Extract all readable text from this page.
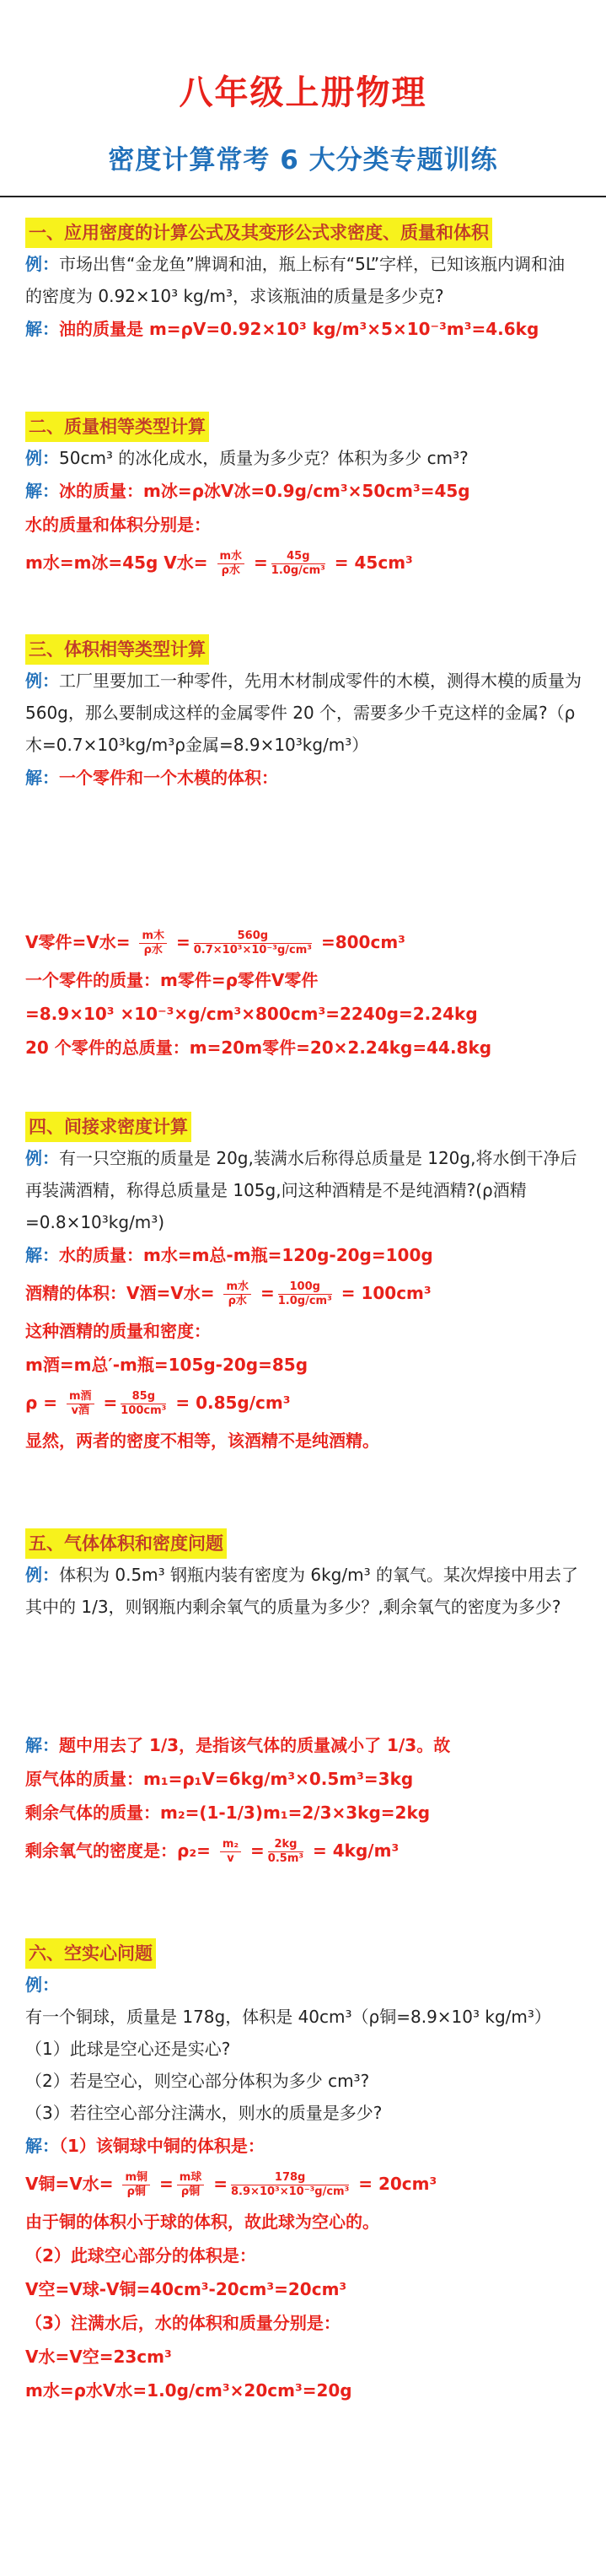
八年级上册物理
密度计算常考 6 大分类专题训练
一、应用密度的计算公式及其变形公式求密度、质量和体积

例：市场出售“金龙鱼”牌调和油，瓶上标有“5L”字样，已知该瓶内调和油的密度为 0.92×10³ kg/m³，求该瓶油的质量是多少克?

解：油的质量是 m=ρV=0.92×10³ kg/m³×5×10⁻³m³=4.6kg

二、质量相等类型计算

例：50cm³ 的冰化成水，质量为多少克？体积为多少 cm³?

解：冰的质量：m冰=ρ冰V冰=0.9g/cm³×50cm³=45g

水的质量和体积分别是：

m水=m冰=45g V水= $\frac{\text{m水}}{\text{ρ水}} = \frac{45g}{\text{1.0g/cm³}} = 45cm^3$

三、体积相等类型计算

例：工厂里要加工一种零件，先用木材制成零件的木模，测得木模的质量为 560g，那么要制成这样的金属零件 20 个，需要多少千克这样的金属?（ρ木=0.7×10³kg/m³ρ金属=8.9×10³kg/m³）

解：一个零件和一个木模的体积：

V零件=V水= $\frac{\text{m木}}{\text{ρ水}} = \frac{560g}{\text{0.7×10³×10⁻³g/cm³}} =800cm^3$

一个零件的质量：m零件=ρ零件V零件

=8.9×10³ ×10⁻³×g/cm³×800cm³=2240g=2.24kg

20 个零件的总质量：m=20m零件=20×2.24kg=44.8kg

四、间接求密度计算

例：有一只空瓶的质量是 20g,装满水后称得总质量是 120g,将水倒干净后再装满酒精，称得总质量是 105g,问这种酒精是不是纯酒精?(ρ酒精=0.8×10³kg/m³)

解：水的质量：m水=m总-m瓶=120g-20g=100g

酒精的体积：V酒=V水= $\frac{\text{m水}}{\text{ρ水}} = \frac{100g}{\text{1.0g/cm³}} = 100cm^3$

这种酒精的质量和密度：

m酒=m总′-m瓶=105g-20g=85g

$\rho = \frac{\text{m酒}}{\text{v酒}} = \frac{85g}{\text{100cm³}} = 0.85g/cm^3$

显然，两者的密度不相等，该酒精不是纯酒精。

五、气体体积和密度问题

例：体积为 0.5m³ 钢瓶内装有密度为 6kg/m³ 的氧气。某次焊接中用去了其中的 1/3，则钢瓶内剩余氧气的质量为多少？,剩余氧气的密度为多少?

解：题中用去了 1/3，是指该气体的质量减小了 1/3。故

原气体的质量：m₁=ρ₁V=6kg/m³×0.5m³=3kg

剩余气体的质量：m₂=(1-1/3)m₁=2/3×3kg=2kg

剩余氧气的密度是：$\rho_2= \frac{\text{m₂}}{v} = \frac{2kg}{\text{0.5m³}} = 4kg/m^3$

六、空实心问题

例：有一个铜球，质量是 178g，体积是 40cm³（ρ铜=8.9×10³ kg/m³）

（1）此球是空心还是实心?

（2）若是空心，则空心部分体积为多少 cm³?

（3）若往空心部分注满水，则水的质量是多少?

解：（1）该铜球中铜的体积是：

V铜=V水= $\frac{\text{m铜}}{\text{ρ铜}} = \frac{\text{m球}}{\text{ρ铜}} = \frac{178g}{\text{8.9×10³×10⁻³g/cm³}} = 20cm^3$

由于铜的体积小于球的体积，故此球为空心的。

（2）此球空心部分的体积是：

V空=V球-V铜=40cm³-20cm³=20cm³

（3）注满水后，水的体积和质量分别是：

V水=V空=23cm³

m水=ρ水V水=1.0g/cm³×20cm³=20g
